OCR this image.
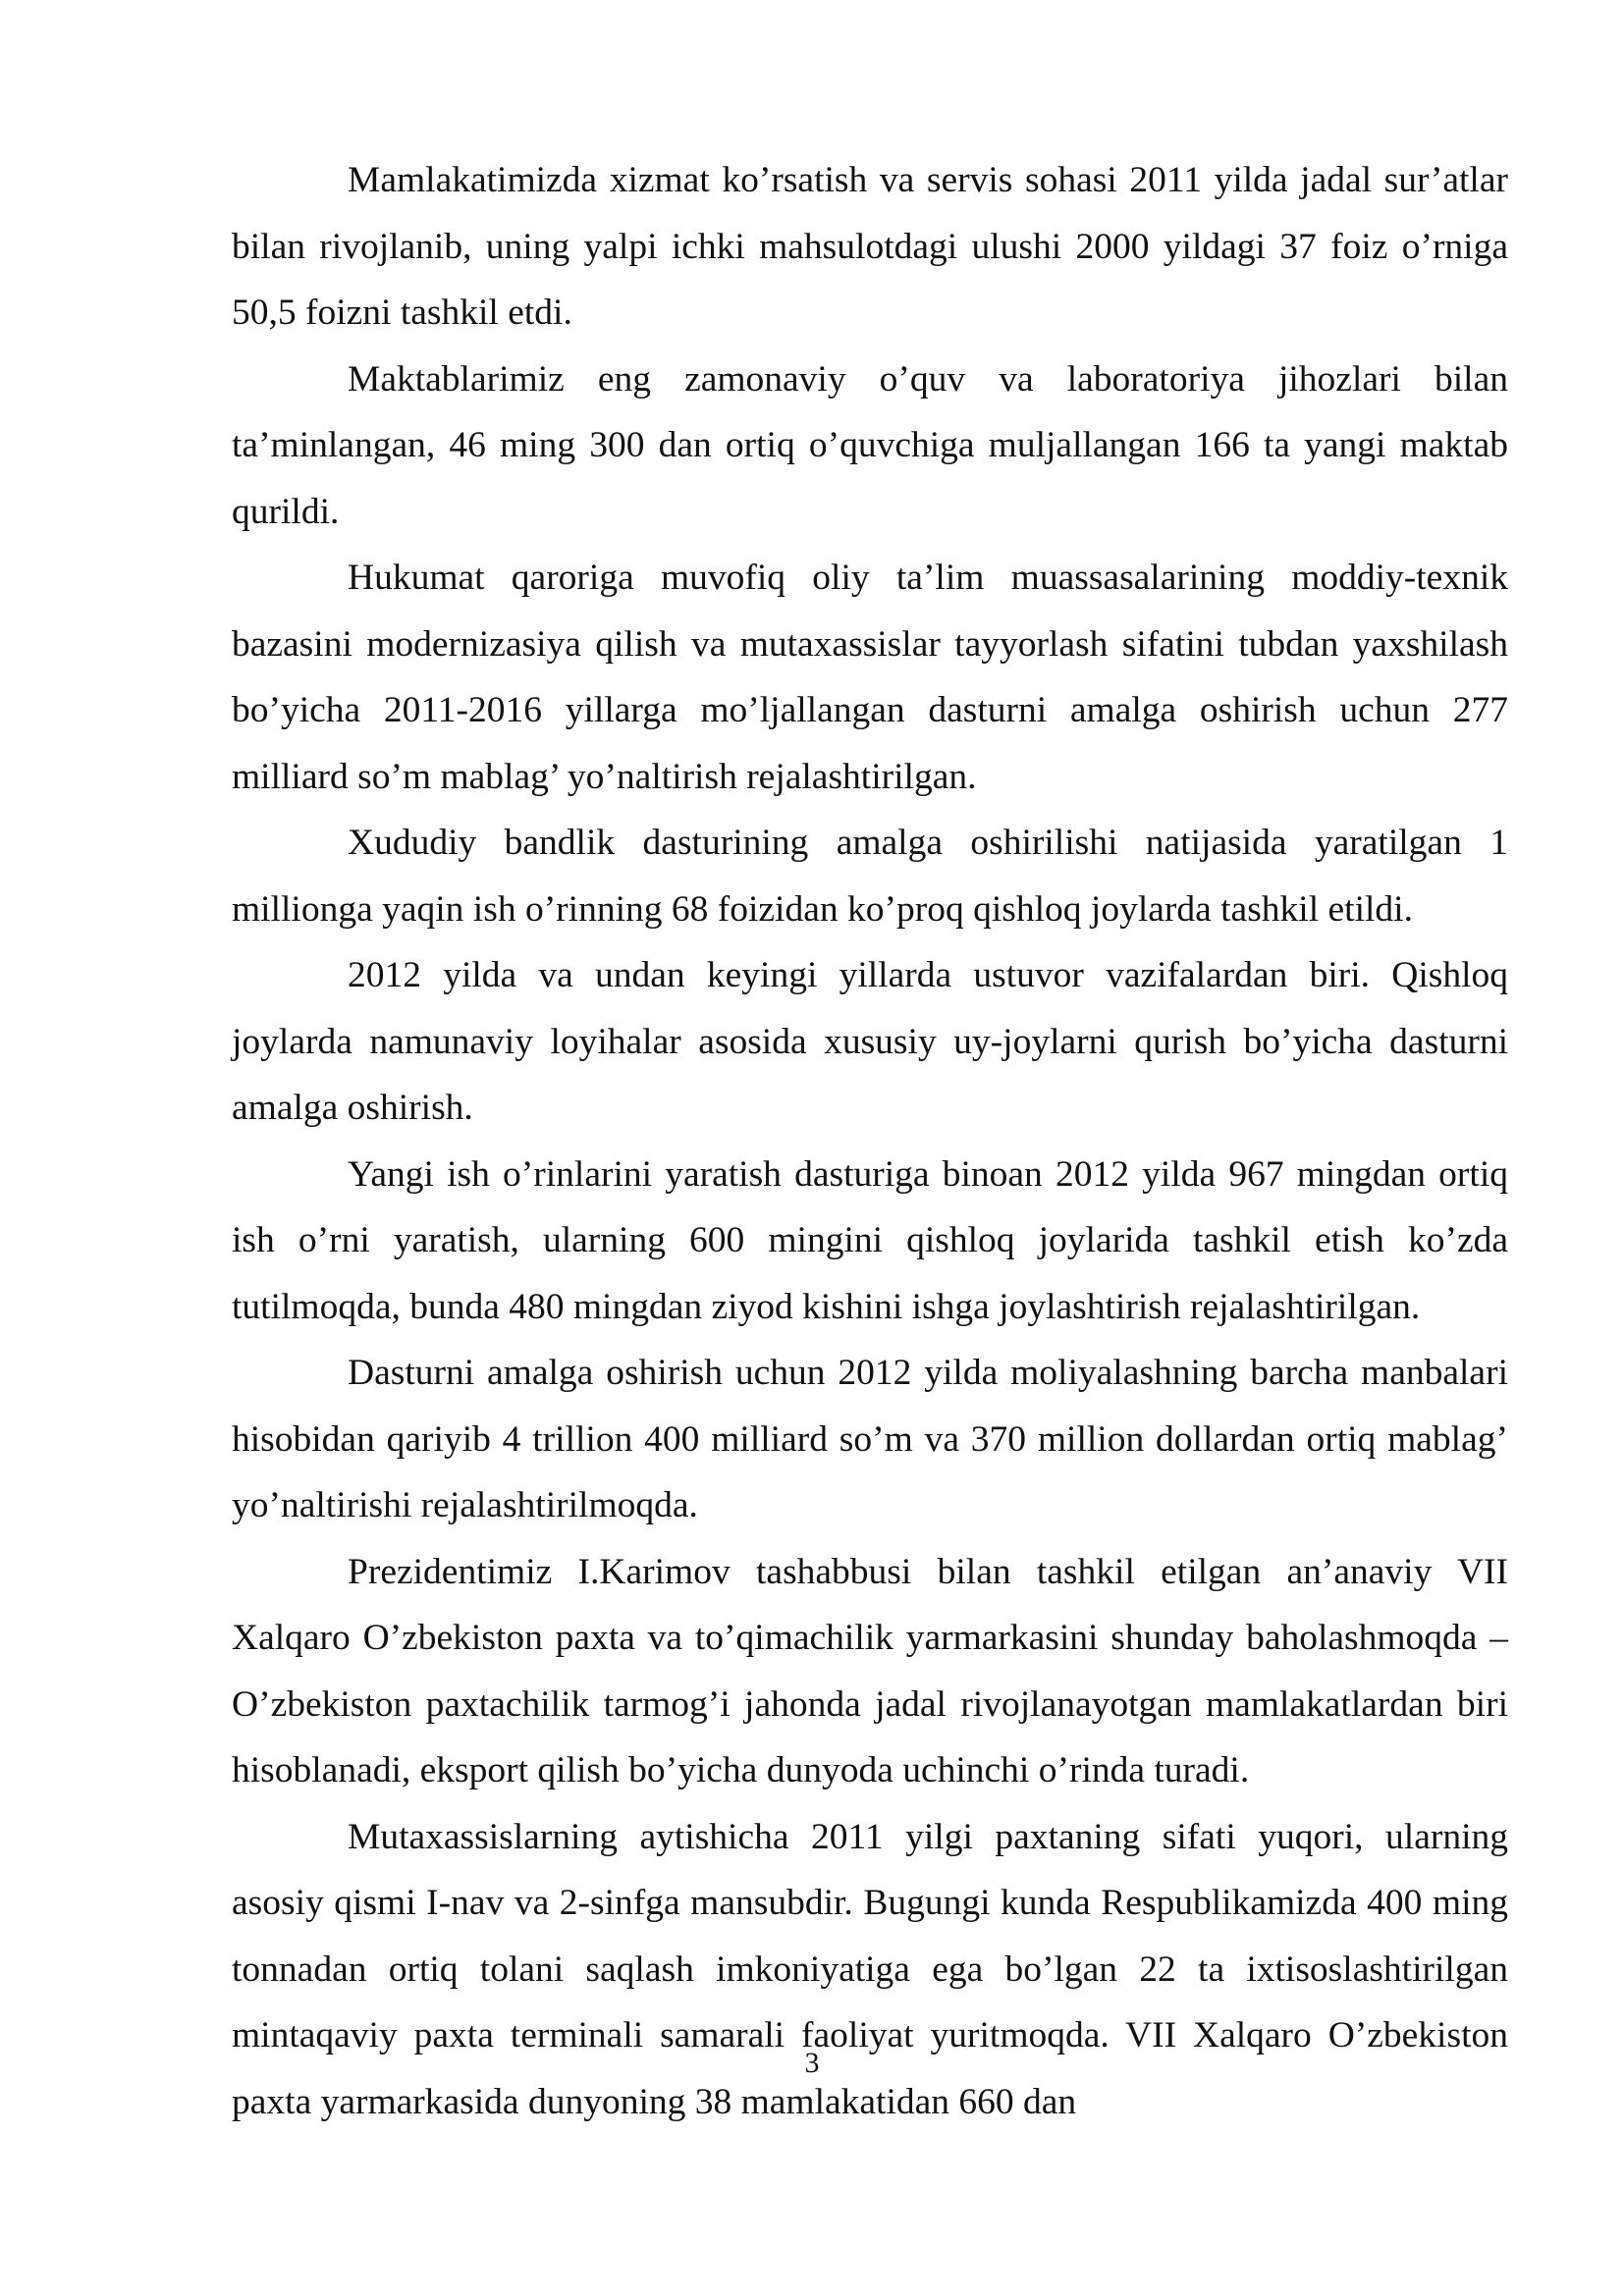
Mamlakatimizda xizmat ko’rsatish va servis sohasi 2011 yilda jadal sur’atlar bilan rivojlanib, uning yalpi ichki mahsulotdagi ulushi 2000 yildagi 37 foiz o’rniga 50,5 foizni tashkil etdi.

Maktablarimiz eng zamonaviy o’quv va laboratoriya jihozlari bilan ta’minlangan, 46 ming 300 dan ortiq o’quvchiga muljallangan 166 ta yangi maktab qurildi.

Hukumat qaroriga muvofiq oliy ta’lim muassasalarining moddiy-texnik bazasini modernizasiya qilish va mutaxassislar tayyorlash sifatini tubdan yaxshilash bo’yicha 2011-2016 yillarga mo’ljallangan dasturni amalga oshirish uchun 277 milliard so’m mablag’ yo’naltirish rejalashtirilgan.

Xududiy bandlik dasturining amalga oshirilishi natijasida yaratilgan 1 millionga yaqin ish o’rinning 68 foizidan ko’proq qishloq joylarda tashkil etildi.

2012 yilda va undan keyingi yillarda ustuvor vazifalardan biri. Qishloq joylarda namunaviy loyihalar asosida xususiy uy-joylarni qurish bo’yicha dasturni amalga oshirish.

Yangi ish o’rinlarini yaratish dasturiga binoan 2012 yilda 967 mingdan ortiq ish o’rni yaratish, ularning 600 mingini qishloq joylarida tashkil etish ko’zda tutilmoqda, bunda 480 mingdan ziyod kishini ishga joylashtirish rejalashtirilgan.

Dasturni amalga oshirish uchun 2012 yilda moliyalashning barcha manbalari hisobidan qariyib 4 trillion 400 milliard so’m va 370 million dollardan ortiq mablag’ yo’naltirishi rejalashtirilmoqda.

Prezidentimiz I.Karimov tashabbusi bilan tashkil etilgan an’anaviy VII Xalqaro O’zbekiston paxta va to’qimachilik yarmarkasini shunday baholashmoqda – O’zbekiston paxtachilik tarmog’i jahonda jadal rivojlanayotgan mamlakatlardan biri hisoblanadi, eksport qilish bo’yicha dunyoda uchinchi o’rinda turadi.

Mutaxassislarning aytishicha 2011 yilgi paxtaning sifati yuqori, ularning asosiy qismi I-nav va 2-sinfga mansubdir. Bugungi kunda Respublikamizda 400 ming tonnadan ortiq tolani saqlash imkoniyatiga ega bo’lgan 22 ta ixtisoslashtirilgan mintaqaviy paxta terminali samarali faoliyat yuritmoqda. VII Xalqaro O’zbekiston paxta yarmarkasida dunyoning 38 mamlakatidan 660 dan

3
